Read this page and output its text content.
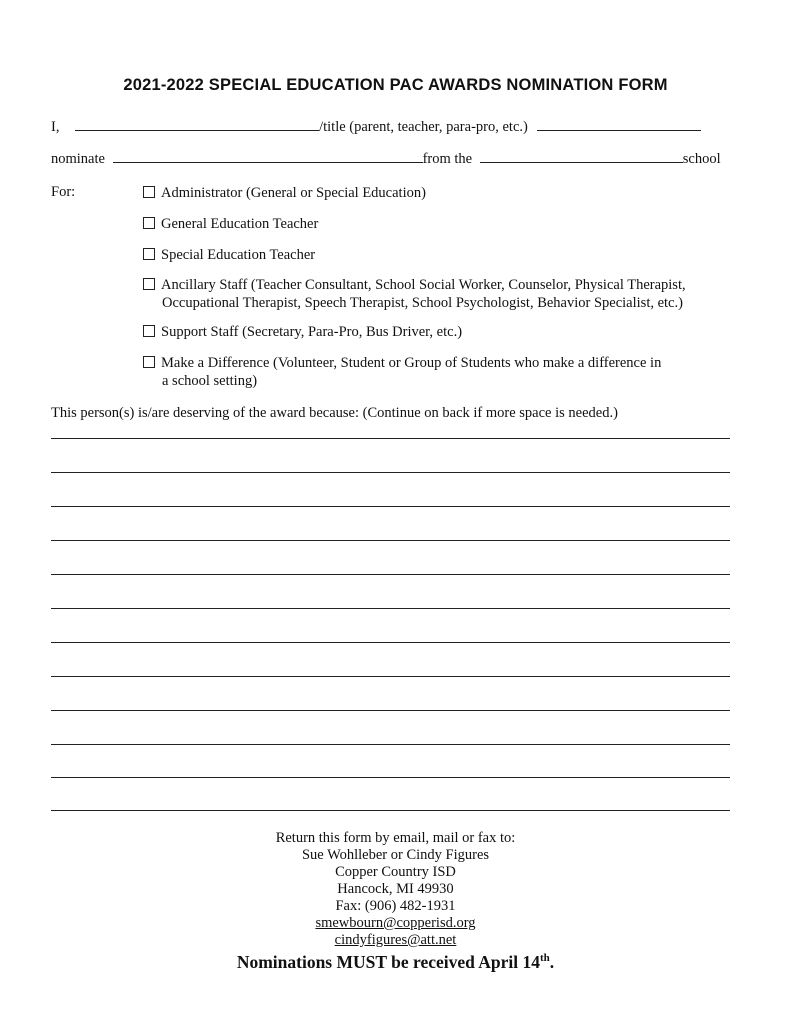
2021-2022 SPECIAL EDUCATION PAC AWARDS NOMINATION FORM
I,	/title (parent, teacher, para-pro, etc.)
nominate	from the	school
For:	Administrator (General or Special Education)
General Education Teacher
Special Education Teacher
Ancillary Staff (Teacher Consultant, School Social Worker, Counselor, Physical Therapist,
Occupational Therapist, Speech Therapist, School Psychologist, Behavior Specialist, etc.)
Support Staff (Secretary, Para-Pro, Bus Driver, etc.)
Make a Difference (Volunteer, Student or Group of Students who make a difference in
a school setting)
This person(s) is/are deserving of the award because: (Continue on back if more space is needed.)
Return this form by email, mail or fax to:
Sue Wohlleber or Cindy Figures
Copper Country ISD
Hancock, MI 49930
Fax: (906) 482-1931
smewbourn@copperisd.org
cindyfigures@att.net
Nominations MUST be received April 14th.
